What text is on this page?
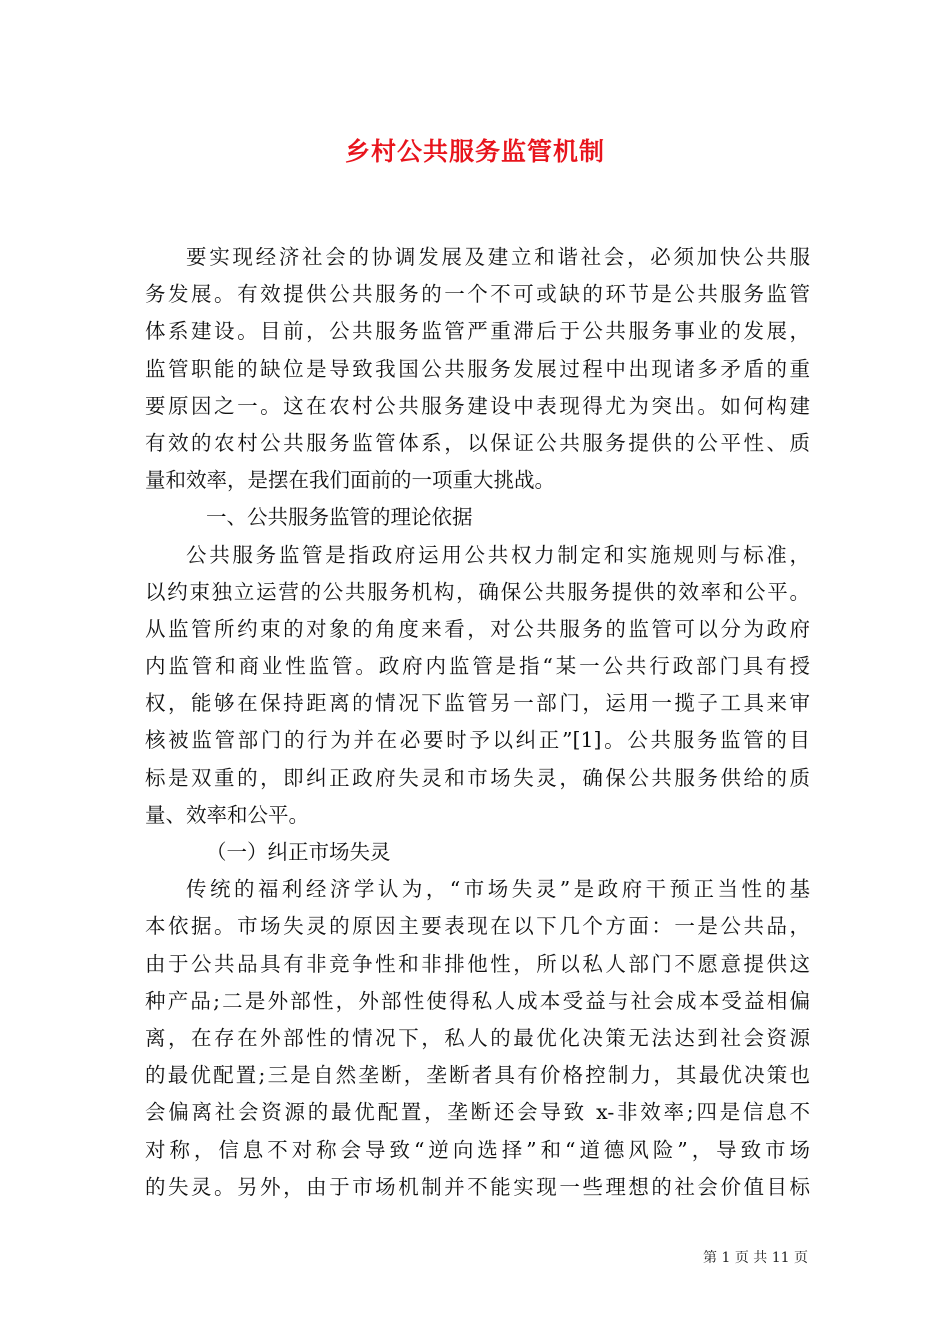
乡村公共服务监管机制
要实现经济社会的协调发展及建立和谐社会，必须加快公共服
务发展。有效提供公共服务的一个不可或缺的环节是公共服务监管
体系建设。目前，公共服务监管严重滞后于公共服务事业的发展，
监管职能的缺位是导致我国公共服务发展过程中出现诸多矛盾的重
要原因之一。这在农村公共服务建设中表现得尤为突出。如何构建
有效的农村公共服务监管体系，以保证公共服务提供的公平性、质
量和效率，是摆在我们面前的一项重大挑战。
一、公共服务监管的理论依据
公共服务监管是指政府运用公共权力制定和实施规则与标准，
以约束独立运营的公共服务机构，确保公共服务提供的效率和公平。
从监管所约束的对象的角度来看，对公共服务的监管可以分为政府
内监管和商业性监管。政府内监管是指“某一公共行政部门具有授
权，能够在保持距离的情况下监管另一部门，运用一揽子工具来审
核被监管部门的行为并在必要时予以纠正”[1]。公共服务监管的目
标是双重的，即纠正政府失灵和市场失灵，确保公共服务供给的质
量、效率和公平。
（一）纠正市场失灵
传统的福利经济学认为，“市场失灵”是政府干预正当性的基
本依据。市场失灵的原因主要表现在以下几个方面：一是公共品，
由于公共品具有非竞争性和非排他性，所以私人部门不愿意提供这
种产品;二是外部性，外部性使得私人成本受益与社会成本受益相偏
离，在存在外部性的情况下，私人的最优化决策无法达到社会资源
的最优配置;三是自然垄断，垄断者具有价格控制力，其最优决策也
会偏离社会资源的最优配置，垄断还会导致 x-非效率;四是信息不
对称，信息不对称会导致“逆向选择”和“道德风险”，导致市场
的失灵。另外，由于市场机制并不能实现一些理想的社会价值目标
第 1 页 共 11 页
